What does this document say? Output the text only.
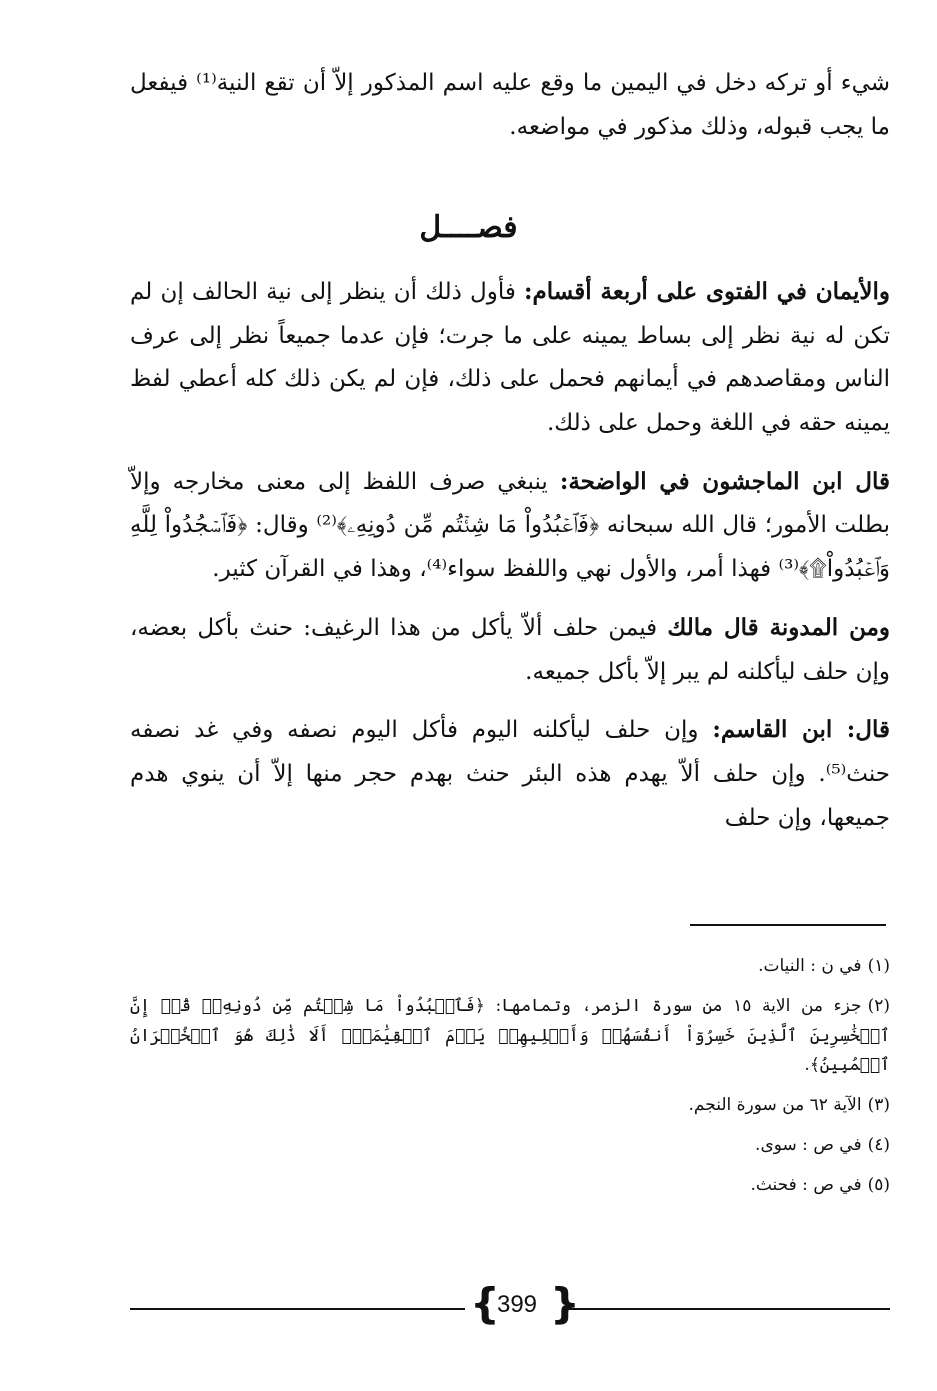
شيء أو تركه دخل في اليمين ما وقع عليه اسم المذكور إلاّ أن تقع النية⁽¹⁾ فيفعل ما يجب قبوله، وذلك مذكور في مواضعه.

فصــــل

والأيمان في الفتوى على أربعة أقسام: فأول ذلك أن ينظر إلى نية الحالف إن لم تكن له نية نظر إلى بساط يمينه على ما جرت؛ فإن عدما جميعاً نظر إلى عرف الناس ومقاصدهم في أيمانهم فحمل على ذلك، فإن لم يكن ذلك كله أعطي لفظ يمينه حقه في اللغة وحمل على ذلك.

قال ابن الماجشون في الواضحة: ينبغي صرف اللفظ إلى معنى مخارجه وإلاّ بطلت الأمور؛ قال الله سبحانه ﴿فَٱعۡبُدُواْ مَا شِئۡتُم مِّن دُونِهِۦ﴾⁽²⁾ وقال: ﴿فَٱسۡجُدُواْ لِلَّهِ وَٱعۡبُدُواْ۩﴾⁽³⁾ فهذا أمر، والأول نهي واللفظ سواء⁽⁴⁾، وهذا في القرآن كثير.

ومن المدونة قال مالك فيمن حلف ألاّ يأكل من هذا الرغيف: حنث بأكل بعضه، وإن حلف ليأكلنه لم يبر إلاّ بأكل جميعه.

قال: ابن القاسم: وإن حلف ليأكلنه اليوم فأكل اليوم نصفه وفي غد نصفه حنث⁽⁵⁾. وإن حلف ألاّ يهدم هذه البئر حنث بهدم حجر منها إلاّ أن ينوي هدم جميعها، وإن حلف

(١)في ن : النيات.

(٢)جزء من الاية ١٥ من سورة الزمر، وتمامها: ﴿فَٱعۡبُدُواْ مَا شِئۡتُم مِّن دُونِهِۦۗ قُلۡ إِنَّ ٱلۡخَٰسِرِينَ ٱلَّذِينَ خَسِرُوٓاْ أَنفُسَهُمۡ وَأَهۡلِيهِمۡ يَوۡمَ ٱلۡقِيَٰمَةِۗ أَلَا ذَٰلِكَ هُوَ ٱلۡخُسۡرَانُ ٱلۡمُبِينُ﴾.

(٣)الآية ٦٢ من سورة النجم.

(٤)في ص : سوى.

(٥)في ص : فحنث.

{
399 }
